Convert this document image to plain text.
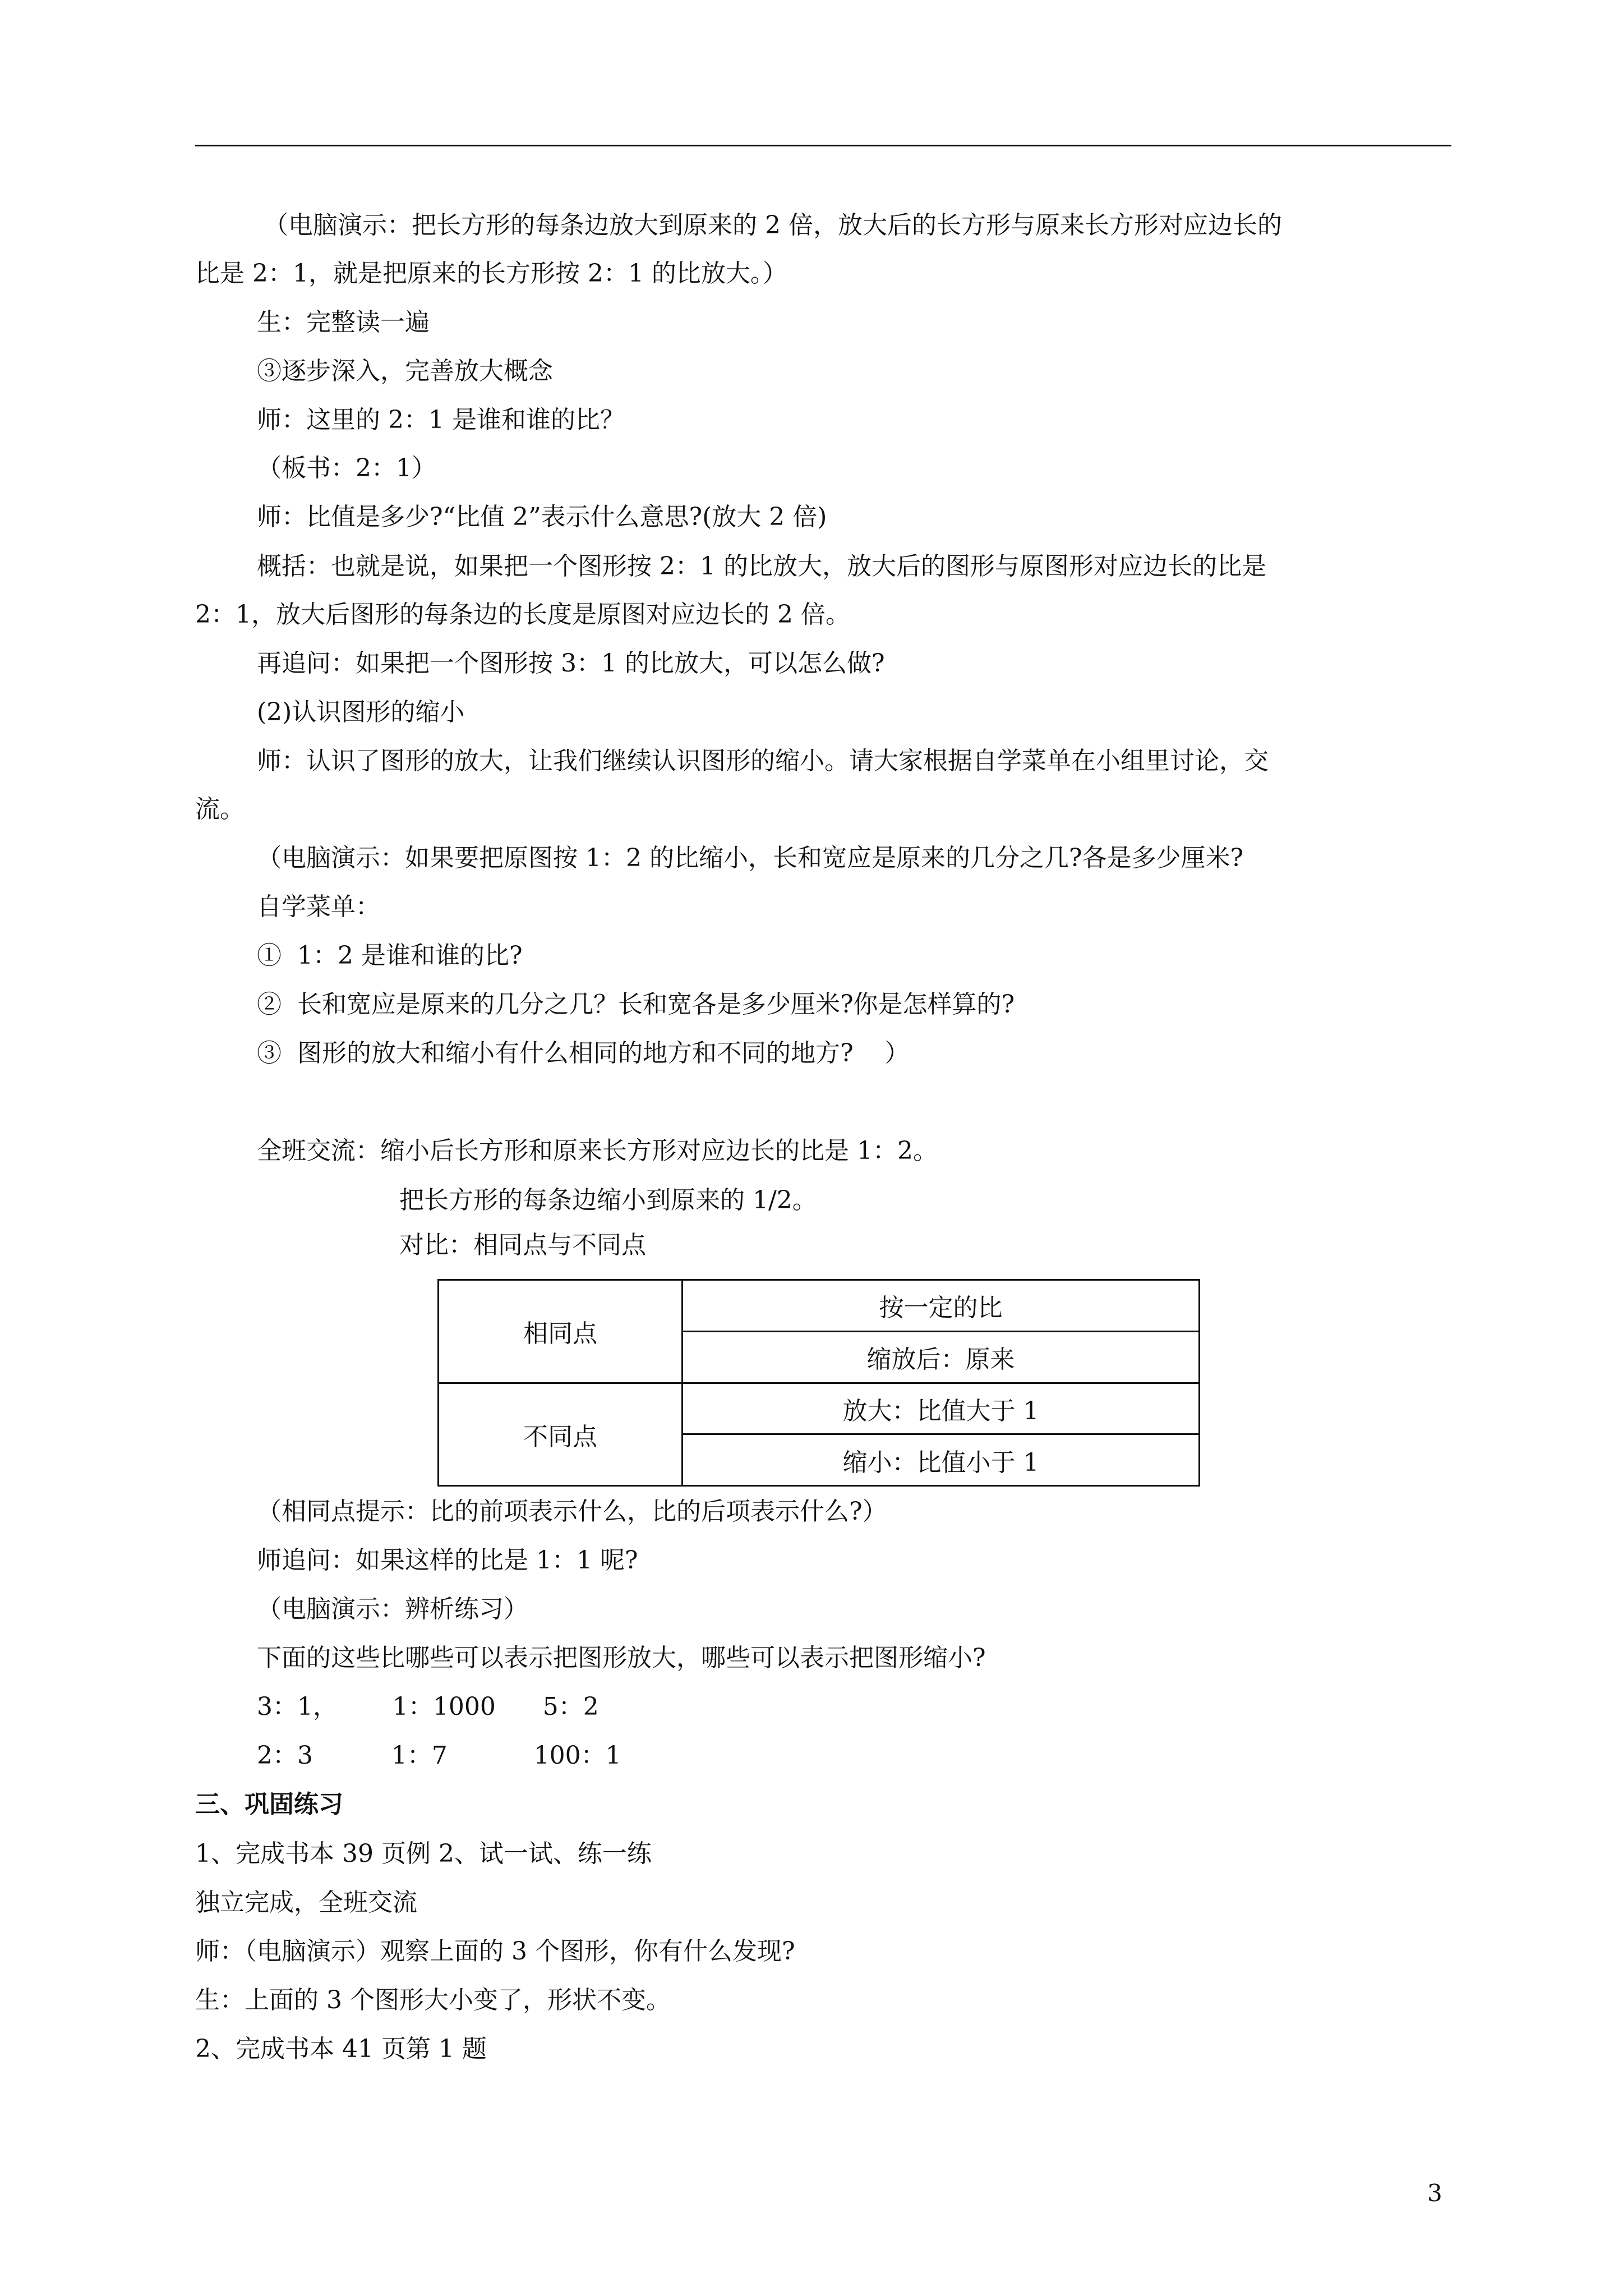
（电脑演示：把长方形的每条边放大到原来的 2 倍，放大后的长方形与原来长方形对应边长的
比是 2：1，就是把原来的长方形按 2：1 的比放大。）
生：完整读一遍
③逐步深入，完善放大概念
师：这里的 2：1 是谁和谁的比？
（板书：2：1）
师：比值是多少?“比值 2”表示什么意思?(放大 2 倍)
概括：也就是说，如果把一个图形按 2：1 的比放大，放大后的图形与原图形对应边长的比是
2：1，放大后图形的每条边的长度是原图对应边长的 2 倍。
再追问：如果把一个图形按 3：1 的比放大，可以怎么做?
(2)认识图形的缩小
师：认识了图形的放大，让我们继续认识图形的缩小。请大家根据自学菜单在小组里讨论，交
流。
（电脑演示：如果要把原图按 1：2 的比缩小，长和宽应是原来的几分之几?各是多少厘米?
自学菜单：
①  1：2 是谁和谁的比?
②  长和宽应是原来的几分之几？长和宽各是多少厘米?你是怎样算的?
③  图形的放大和缩小有什么相同的地方和不同的地方?    ）
全班交流：缩小后长方形和原来长方形对应边长的比是 1：2。
把长方形的每条边缩小到原来的 1/2。
对比：相同点与不同点
相同点	按一定的比
	缩放后：原来
不同点	放大：比值大于 1
	缩小：比值小于 1
（相同点提示：比的前项表示什么，比的后项表示什么?）
师追问：如果这样的比是 1：1 呢?
（电脑演示：辨析练习）
下面的这些比哪些可以表示把图形放大，哪些可以表示把图形缩小?
3：1，       1：1000      5：2
2：3          1：7           100：1
三、巩固练习
1、完成书本 39 页例 2、试一试、练一练
独立完成，全班交流
师：（电脑演示）观察上面的 3 个图形，你有什么发现?
生：上面的 3 个图形大小变了，形状不变。
2、完成书本 41 页第 1 题
3
